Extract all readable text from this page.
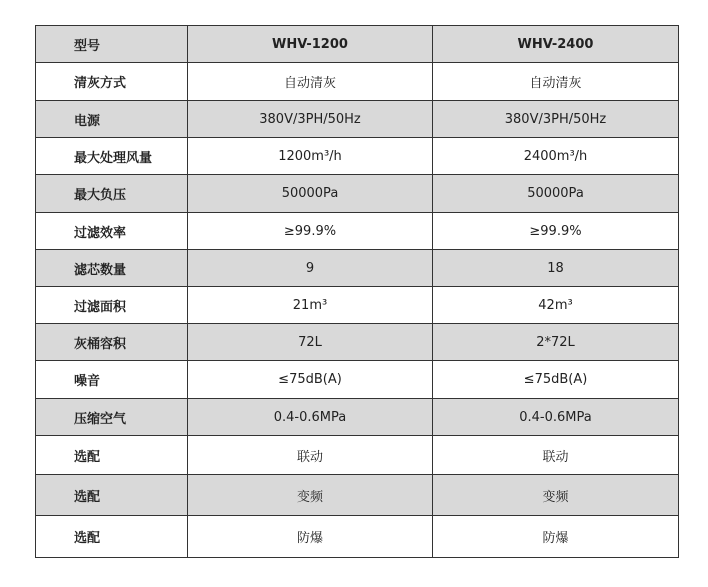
型号	WHV-1200	WHV-2400
清灰方式	自动清灰	自动清灰
电源	380V/3PH/50Hz	380V/3PH/50Hz
最大处理风量	1200m³/h	2400m³/h
最大负压	50000Pa	50000Pa
过滤效率	≥99.9%	≥99.9%
滤芯数量	9	18
过滤面积	21m³	42m³
灰桶容积	72L	2*72L
噪音	≤75dB(A)	≤75dB(A)
压缩空气	0.4-0.6MPa	0.4-0.6MPa
选配	联动	联动
选配	变频	变频
选配	防爆	防爆
